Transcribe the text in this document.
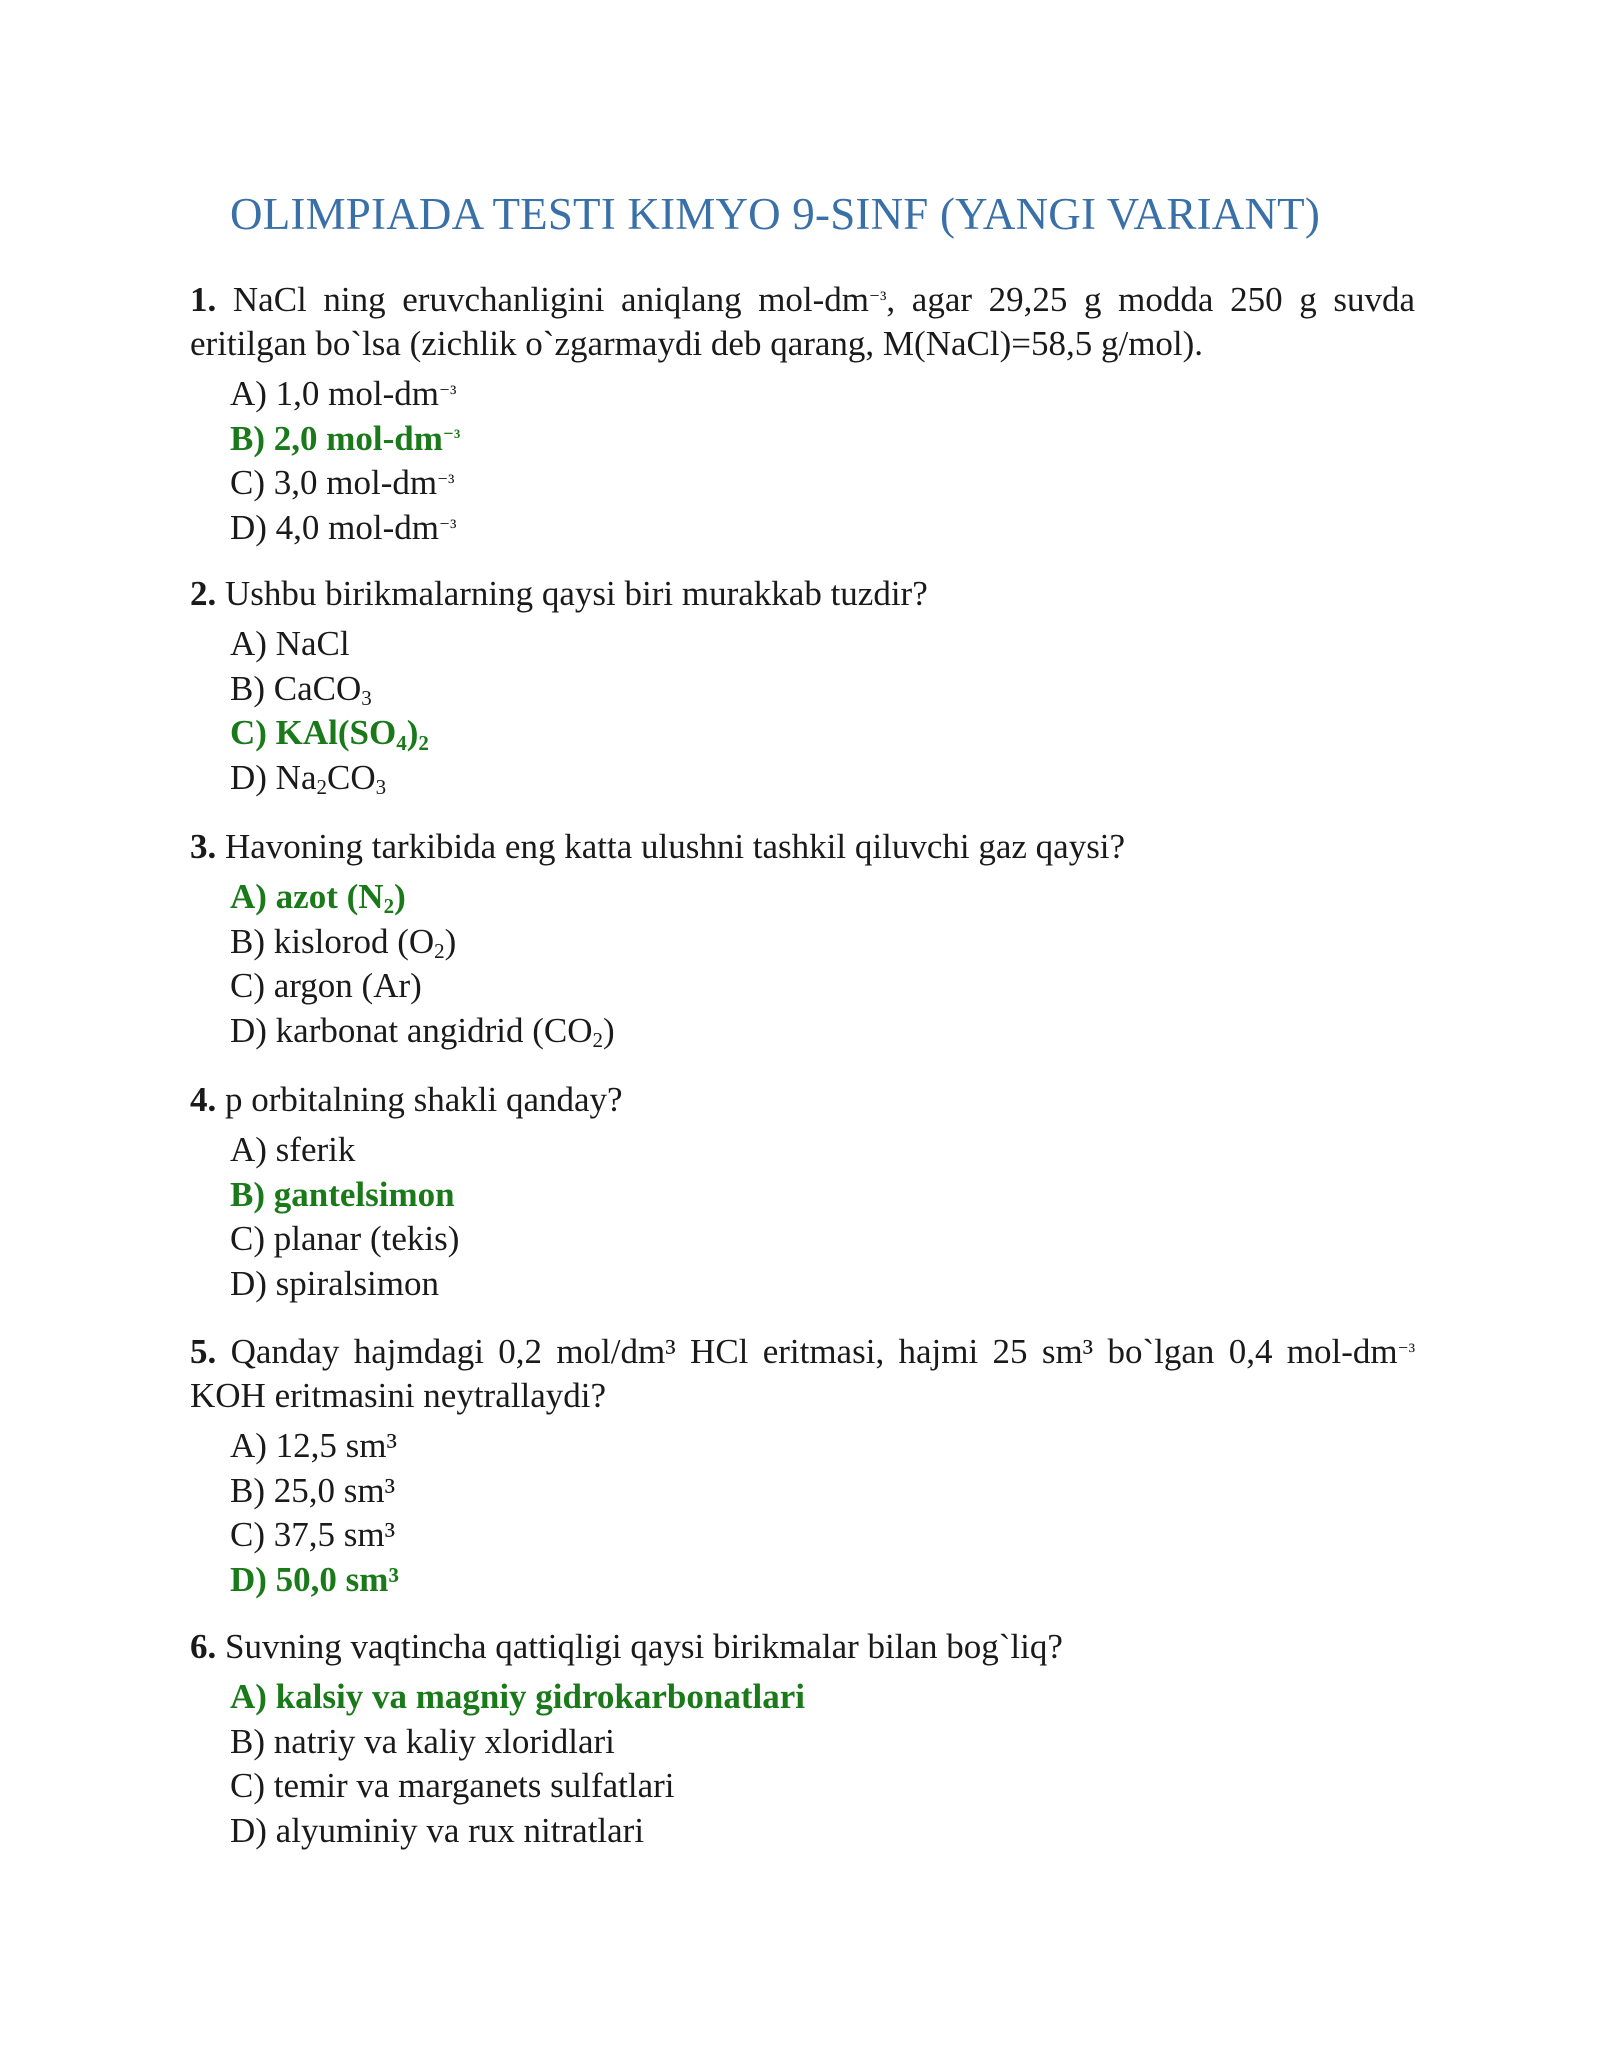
OLIMPIADA TESTI KIMYO 9-SINF (YANGI VARIANT)

1. NaCl ning eruvchanligini aniqlang mol-$dm^{^{-3}}$, agar 29,25 g modda 250 g suvda eritilgan bo`lsa (zichlik o`zgarmaydi deb qarang, M(NaCl)=58,5 g/mol).

A) 1,0 mol-$dm^{^{-3}}$
B) 2,0 mol-$dm^{^{-3}}$
C) 3,0 mol-$dm^{^{-3}}$
D) 4,0 mol-$dm^{^{-3}}$

2. Ushbu birikmalarning qaysi biri murakkab tuzdir?

A) NaCl
B) CaCO$_3$
C) $KAl(SO_4)_2$
D) $Na_2CO_3$

3. Havoning tarkibida eng katta ulushni tashkil qiluvchi gaz qaysi?

A) azot $(N_2)$
B) kislorod $(O_2)$
C) argon (Ar)
D) karbonat angidrid $(CO_2)$

4. p orbitalning shakli qanday?

A) sferik
B) gantelsimon
C) planar (tekis)
D) spiralsimon

5. Qanday hajmdagi 0,2 mol/dm³ HCl eritmasi, hajmi 25 sm³ bo`lgan 0,4 mol-$dm^{^{-3}}$ KOH eritmasini neytrallaydi?

A) 12,5 sm³
B) 25,0 sm³
C) 37,5 sm³
D) 50,0 sm³

6. Suvning vaqtincha qattiqligi qaysi birikmalar bilan bog`liq?

A) kalsiy va magniy gidrokarbonatlari
B) natriy va kaliy xloridlari
C) temir va marganets sulfatlari
D) alyuminiy va rux nitratlari
